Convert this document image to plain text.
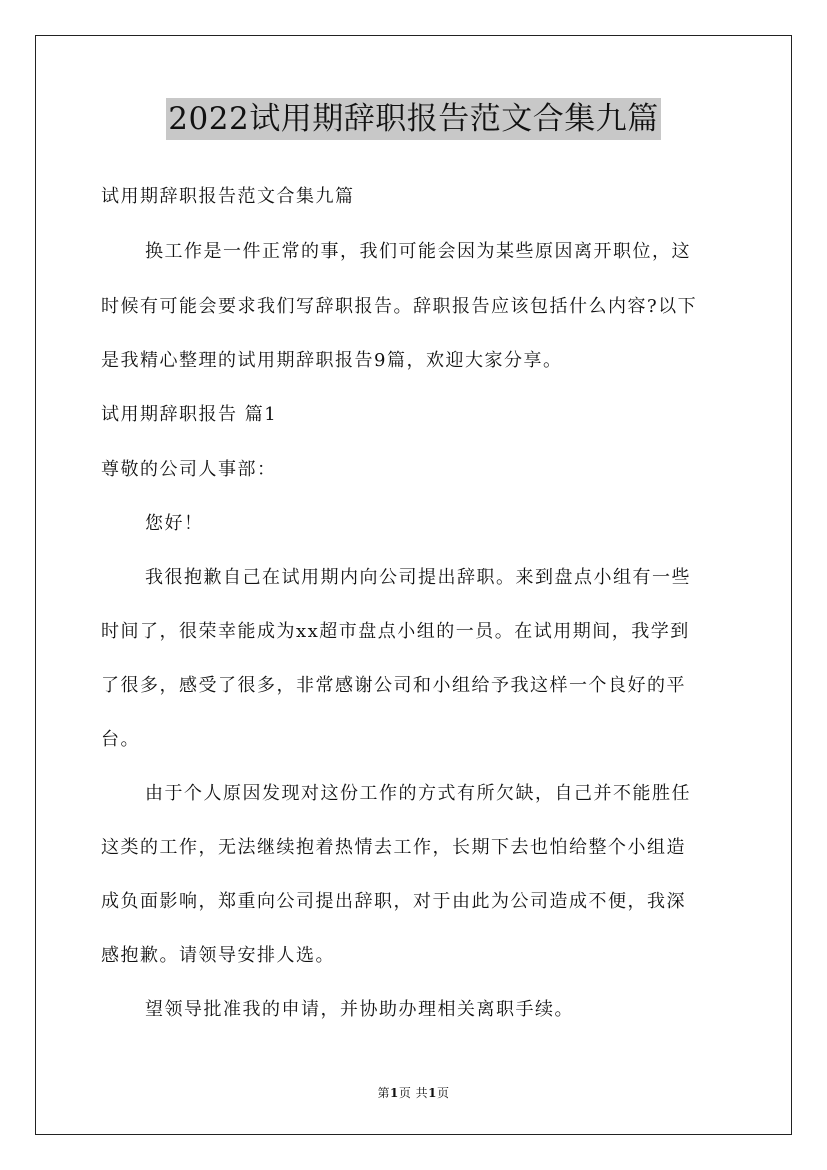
2022试用期辞职报告范文合集九篇
试用期辞职报告范文合集九篇
换工作是一件正常的事，我们可能会因为某些原因离开职位，这
时候有可能会要求我们写辞职报告。辞职报告应该包括什么内容?以下
是我精心整理的试用期辞职报告9篇，欢迎大家分享。
试用期辞职报告 篇1
尊敬的公司人事部：
您好！
我很抱歉自己在试用期内向公司提出辞职。来到盘点小组有一些
时间了，很荣幸能成为xx超市盘点小组的一员。在试用期间，我学到
了很多，感受了很多，非常感谢公司和小组给予我这样一个良好的平
台。
由于个人原因发现对这份工作的方式有所欠缺，自己并不能胜任
这类的工作，无法继续抱着热情去工作，长期下去也怕给整个小组造
成负面影响，郑重向公司提出辞职，对于由此为公司造成不便，我深
感抱歉。请领导安排人选。
望领导批准我的申请，并协助办理相关离职手续。
第1页 共1页
